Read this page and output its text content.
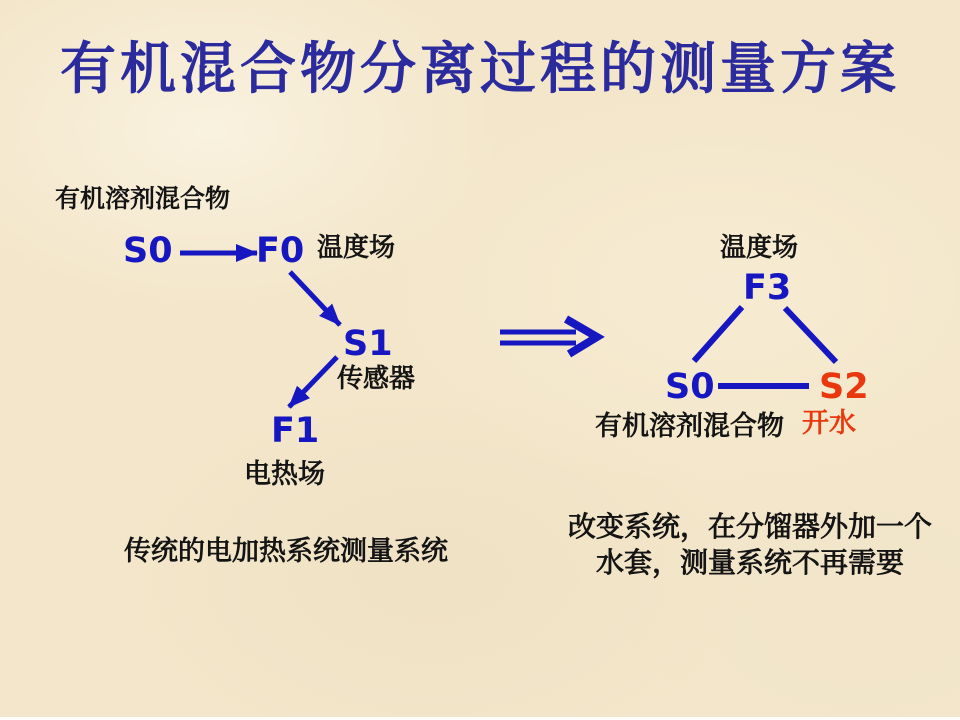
有机混合物分离过程的测量方案
有机溶剂混合物
S0 F0 温度场
S1
传感器
F1
电热场
传统的电加热系统测量系统
温度场
F3
S0	S2
有机溶剂混合物 开水
改变系统，在分馏器外加一个
水套，测量系统不再需要
